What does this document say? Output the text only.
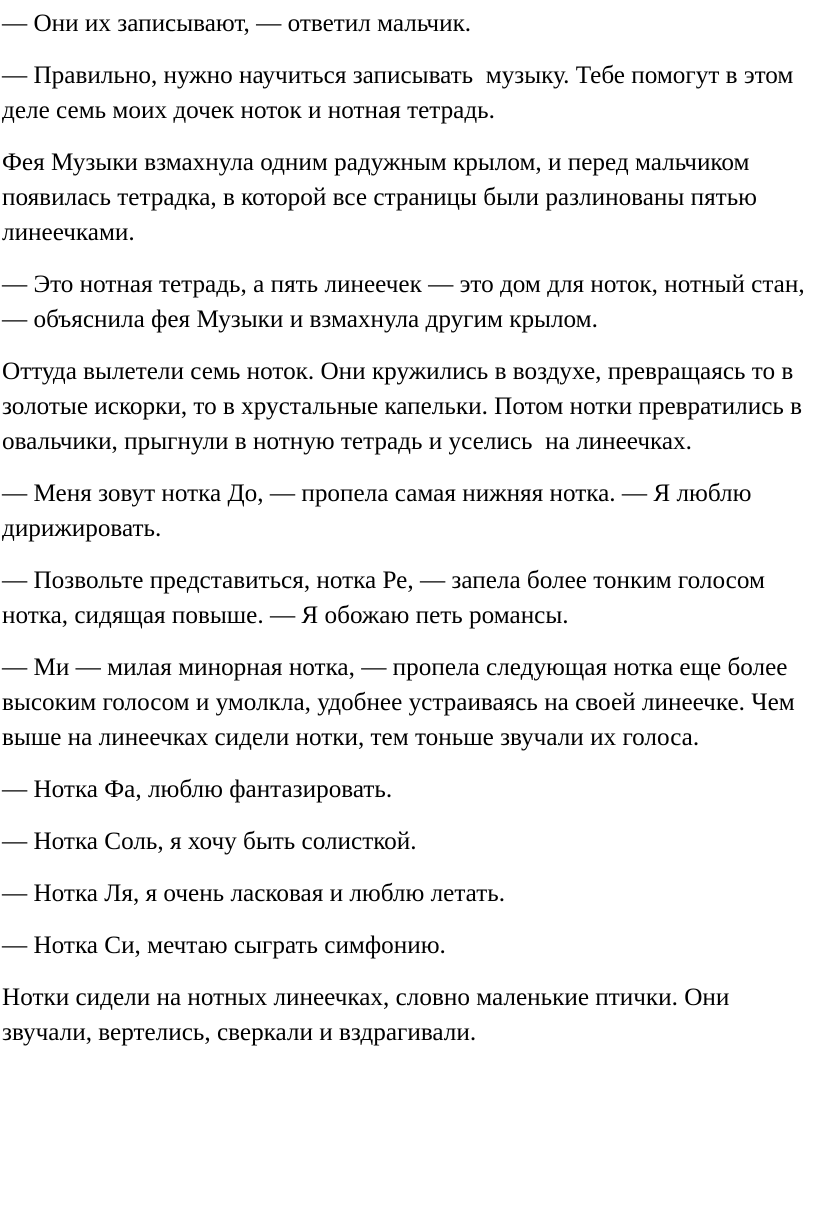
— Они их записывают, — ответил мальчик.

— Правильно, нужно научиться записывать  музыку. Тебе помогут в этом деле семь моих дочек ноток и нотная тетрадь.

Фея Музыки взмахнула одним радужным крылом, и перед мальчиком появилась тетрадка, в которой все страницы были разлинованы пятью линеечками.

— Это нотная тетрадь, а пять линеечек — это дом для ноток, нотный стан, — объяснила фея Музыки и взмахнула другим крылом.

Оттуда вылетели семь ноток. Они кружились в воздухе, превращаясь то в золотые искорки, то в хрустальные капельки. Потом нотки превратились в овальчики, прыгнули в нотную тетрадь и уселись  на линеечках.

— Меня зовут нотка До, — пропела самая нижняя нотка. — Я люблю дирижировать.

— Позвольте представиться, нотка Ре, — запела более тонким голосом нотка, сидящая повыше. — Я обожаю петь романсы.

— Ми — милая минорная нотка, — пропела следующая нотка еще более высоким голосом и умолкла, удобнее устраиваясь на своей линеечке. Чем выше на линеечках сидели нотки, тем тоньше звучали их голоса.

— Нотка Фа, люблю фантазировать.

— Нотка Соль, я хочу быть солисткой.

— Нотка Ля, я очень ласковая и люблю летать.

— Нотка Си, мечтаю сыграть симфонию.

Нотки сидели на нотных линеечках, словно маленькие птички. Они звучали, вертелись, сверкали и вздрагивали.
